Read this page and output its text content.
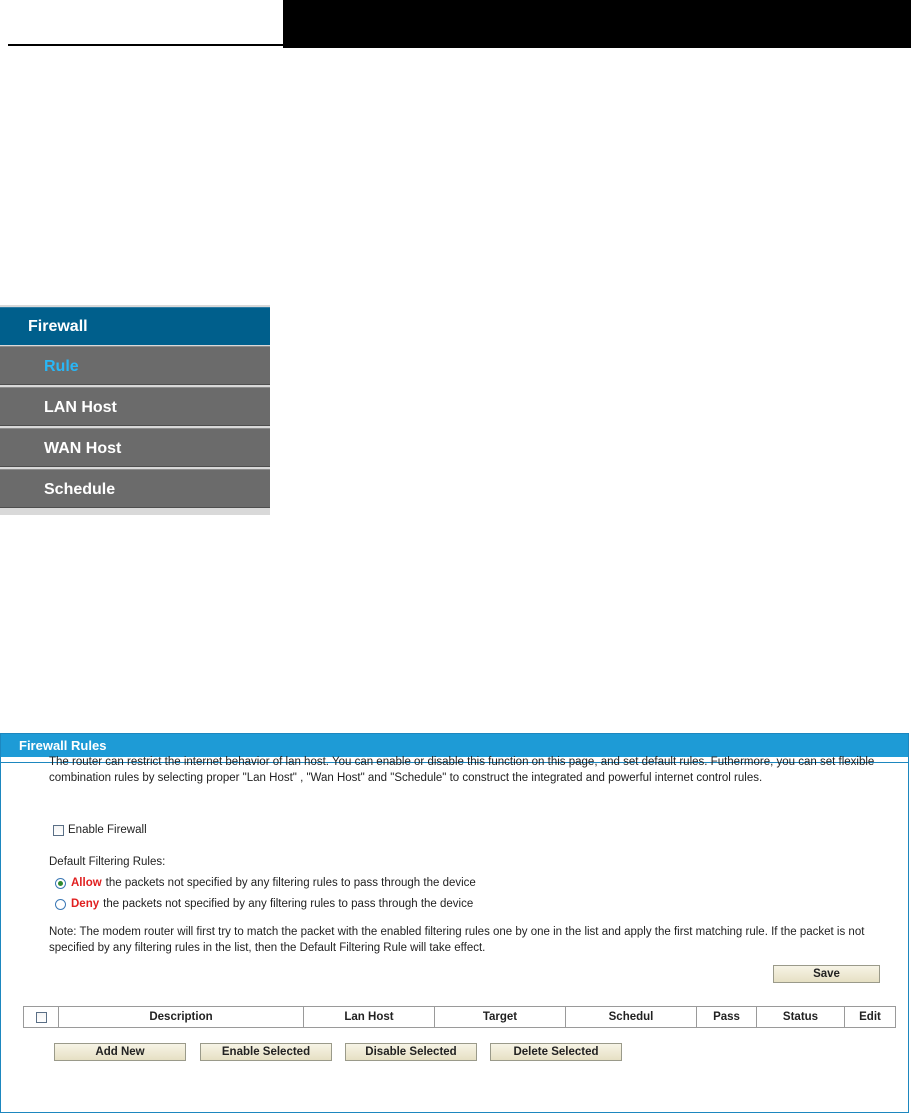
Firewall
Rule
LAN Host
WAN Host
Schedule
Firewall Rules
The router can restrict the internet behavior of lan host. You can enable or disable this function on this page, and set default rules. Futhermore, you can set flexible combination rules by selecting proper "Lan Host" , "Wan Host" and "Schedule" to construct the integrated and powerful internet control rules.
Enable Firewall
Default Filtering Rules:
Allow the packets not specified by any filtering rules to pass through the device
Deny the packets not specified by any filtering rules to pass through the device
Note: The modem router will first try to match the packet with the enabled filtering rules one by one in the list and apply the first matching rule. If the packet is not specified by any filtering rules in the list, then the Default Filtering Rule will take effect.
Save
Description	Lan Host	Target	Schedul	Pass	Status	Edit
Add New	Enable Selected	Disable Selected	Delete Selected
